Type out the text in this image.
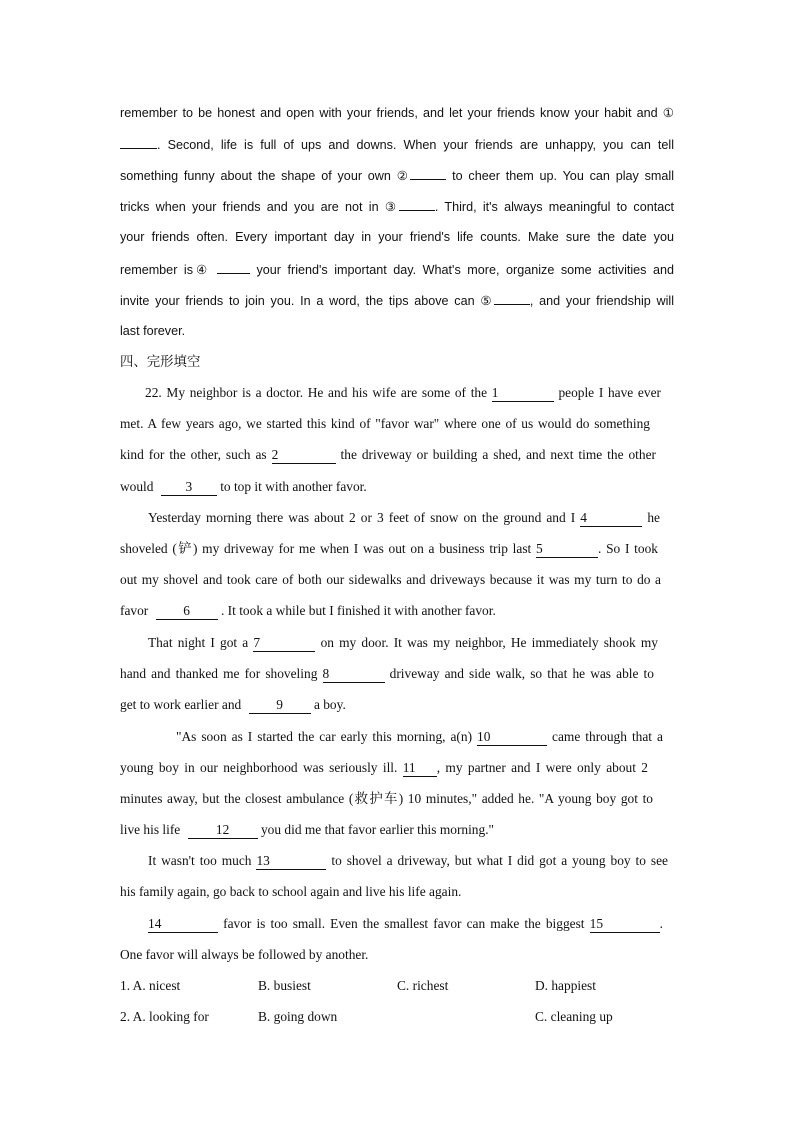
remember to be honest and open with your friends, and let your friends know your habit and ①
. Second, life is full of ups and downs. When your friends are unhappy, you can tell
something funny about the shape of your own ②	to cheer them up. You can play small
tricks when your friends and you are not in ③	. Third, it's always meaningful to contact
your friends often. Every important day in your friend's life counts. Make sure the date you
remember is④	your friend's important day. What's more, organize some activities and
invite your friends to join you. In a word, the tips above can ⑤	, and your friendship will
last forever.
四、完形填空
22. My neighbor is a doctor. He and his wife are some of the 1	people I have ever
met. A few years ago, we started this kind of "favor war" where one of us would do something
kind for the other, such as 2	the driveway or building a shed, and next time the other
would 3 to top it with another favor.
Yesterday morning there was about 2 or 3 feet of snow on the ground and I 4	he
shoveled (铲) my driveway for me when I was out on a business trip last 5	. So I took
out my shovel and took care of both our sidewalks and driveways because it was my turn to do a
favor	6 . It took a while but I finished it with another favor.
That night I got a 7	on my door. It was my neighbor, He immediately shook my
hand and thanked me for shoveling 8	driveway and side walk, so that he was able to
get to work earlier and	9 a boy.
"As soon as I started the car early this morning, a(n) 10	came through that a
young boy in our neighborhood was seriously ill. 11 , my partner and I were only about 2
minutes away, but the closest ambulance (救护车) 10 minutes," added he. "A young boy got to
live his life	12 you did me that favor earlier this morning."
It wasn't too much 13	to shovel a driveway, but what I did got a young boy to see
his family again, go back to school again and live his life again.
14	favor is too small. Even the smallest favor can make the biggest 15	.
One favor will always be followed by another.
1. A. nicest	B. busiest	C. richest	D. happiest
2. A. looking for	B. going down	C. cleaning up
